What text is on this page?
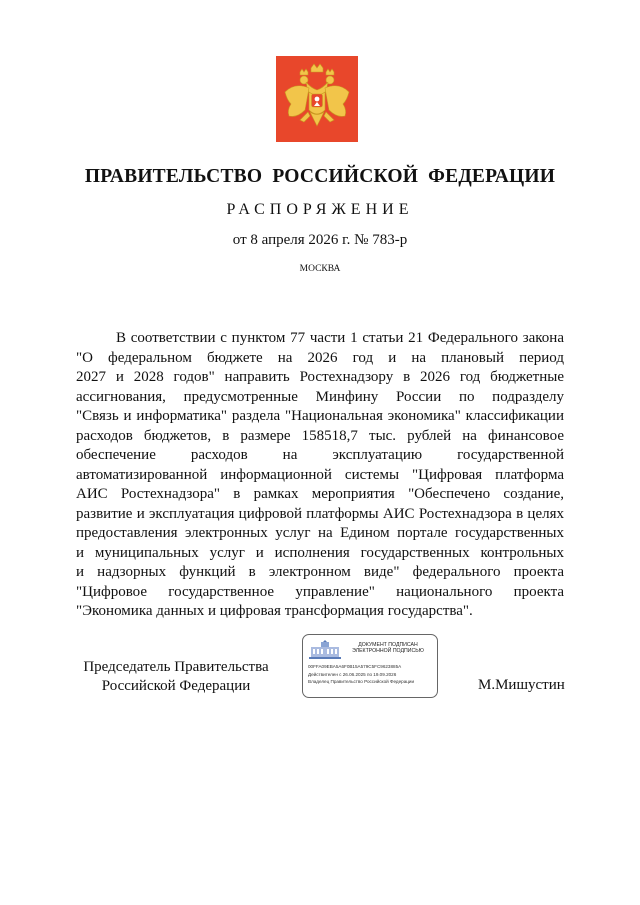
ПРАВИТЕЛЬСТВО РОССИЙСКОЙ ФЕДЕРАЦИИ
РАСПОРЯЖЕНИЕ
от 8 апреля 2026 г. № 783-р
МОСКВА
В соответствии с пунктом 77 части 1 статьи 21 Федерального закона
"О федеральном бюджете на 2026 год и на плановый период
2027 и 2028 годов" направить Ростехнадзору в 2026 год бюджетные
ассигнования, предусмотренные Минфину России по подразделу
"Связь и информатика" раздела "Национальная экономика" классификации
расходов бюджетов, в размере 158518,7 тыс. рублей на финансовое
обеспечение расходов на эксплуатацию государственной
автоматизированной информационной системы "Цифровая платформа
АИС Ростехнадзора" в рамках мероприятия "Обеспечено создание,
развитие и эксплуатация цифровой платформы АИС Ростехнадзора в целях
предоставления электронных услуг на Едином портале государственных
и муниципальных услуг и исполнения государственных контрольных
и надзорных функций в электронном виде" федерального проекта
"Цифровое государственное управление" национального проекта
"Экономика данных и цифровая трансформация государства".
Председатель Правительства
Российской Федерации
ДОКУМЕНТ ПОДПИСАН
ЭЛЕКТРОННОЙ ПОДПИСЬЮ
00FFA09EBA5A6F0B15A579C5FC9623885A
Действителен с 26.06.2025 по 19.09.2026
Владелец Правительство Российской Федерации	М.Мишустин
